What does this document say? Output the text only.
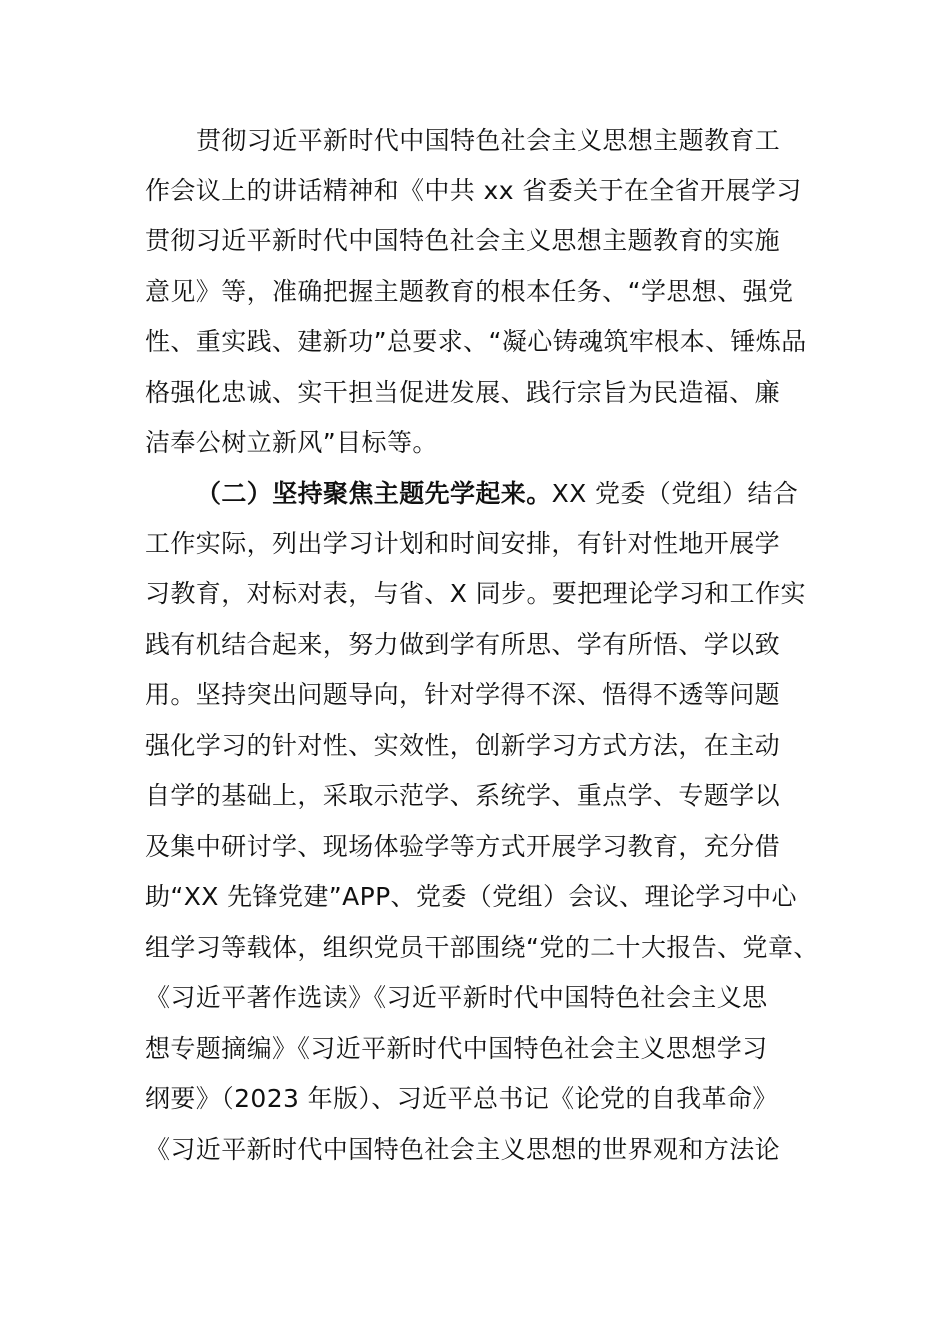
贯彻习近平新时代中国特色社会主义思想主题教育工
作会议上的讲话精神和《中共 xx 省委关于在全省开展学习
贯彻习近平新时代中国特色社会主义思想主题教育的实施
意见》等，准确把握主题教育的根本任务、“学思想、强党
性、重实践、建新功”总要求、“凝心铸魂筑牢根本、锤炼品
格强化忠诚、实干担当促进发展、践行宗旨为民造福、廉
洁奉公树立新风”目标等。
（二）坚持聚焦主题先学起来。XX 党委（党组）结合
工作实际，列出学习计划和时间安排，有针对性地开展学
习教育，对标对表，与省、X 同步。要把理论学习和工作实
践有机结合起来，努力做到学有所思、学有所悟、学以致
用。坚持突出问题导向，针对学得不深、悟得不透等问题
强化学习的针对性、实效性，创新学习方式方法，在主动
自学的基础上，采取示范学、系统学、重点学、专题学以
及集中研讨学、现场体验学等方式开展学习教育，充分借
助“XX 先锋党建”APP、党委（党组）会议、理论学习中心
组学习等载体，组织党员干部围绕“党的二十大报告、党章、
《习近平著作选读》《习近平新时代中国特色社会主义思
想专题摘编》《习近平新时代中国特色社会主义思想学习
纲要》（2023 年版）、习近平总书记《论党的自我革命》
《习近平新时代中国特色社会主义思想的世界观和方法论
